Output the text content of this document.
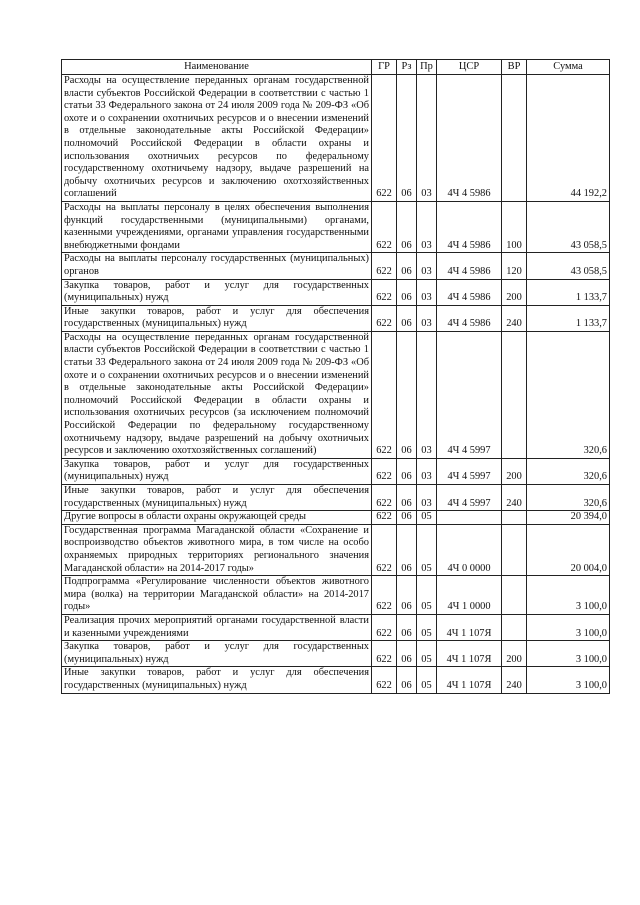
Наименование	ГР	Рз	Пр	ЦСР	ВР	Сумма
Расходы на осуществление переданных органам государственной власти субъектов Российской Федерации в соответствии с частью 1 статьи 33 Федерального закона от 24 июля 2009 года № 209-ФЗ «Об охоте и о сохранении охотничьих ресурсов и о внесении изменений в отдельные законодательные акты Российской Федерации» полномочий Российской Федерации в области охраны и использования охотничьих ресурсов по федеральному государственному охотничьему надзору, выдаче разрешений на добычу охотничьих ресурсов и заключению охотхозяйственных соглашений	622	06	03	4Ч 4 5986		44 192,2
Расходы на выплаты персоналу в целях обеспечения выполнения функций государственными (муниципальными) органами, казенными учреждениями, органами управления государственными внебюджетными фондами	622	06	03	4Ч 4 5986	100	43 058,5
Расходы на выплаты персоналу государственных (муниципальных) органов	622	06	03	4Ч 4 5986	120	43 058,5
Закупка товаров, работ и услуг для государственных (муниципальных) нужд	622	06	03	4Ч 4 5986	200	1 133,7
Иные закупки товаров, работ и услуг для обеспечения государственных (муниципальных) нужд	622	06	03	4Ч 4 5986	240	1 133,7
Расходы на осуществление переданных органам государственной власти субъектов Российской Федерации в соответствии с частью 1 статьи 33 Федерального закона от 24 июля 2009 года № 209-ФЗ «Об охоте и о сохранении охотничьих ресурсов и о внесении изменений в отдельные законодательные акты Российской Федерации» полномочий Российской Федерации в области охраны и использования охотничьих ресурсов (за исключением полномочий Российской Федерации по федеральному государственному охотничьему надзору, выдаче разрешений на добычу охотничьих ресурсов и заключению охотхозяйственных соглашений)	622	06	03	4Ч 4 5997		320,6
Закупка товаров, работ и услуг для государственных (муниципальных) нужд	622	06	03	4Ч 4 5997	200	320,6
Иные закупки товаров, работ и услуг для обеспечения государственных (муниципальных) нужд	622	06	03	4Ч 4 5997	240	320,6
Другие вопросы в области охраны окружающей среды	622	06	05			20 394,0
Государственная программа Магаданской области «Сохранение и воспроизводство объектов животного мира, в том числе на особо охраняемых природных территориях регионального значения Магаданской области» на 2014-2017 годы»	622	06	05	4Ч 0 0000		20 004,0
Подпрограмма «Регулирование численности объектов животного мира (волка) на территории Магаданской области» на 2014-2017 годы»	622	06	05	4Ч 1 0000		3 100,0
Реализация прочих мероприятий органами государственной власти и казенными учреждениями	622	06	05	4Ч 1 107Я		3 100,0
Закупка товаров, работ и услуг для государственных (муниципальных) нужд	622	06	05	4Ч 1 107Я	200	3 100,0
Иные закупки товаров, работ и услуг для обеспечения государственных (муниципальных) нужд	622	06	05	4Ч 1 107Я	240	3 100,0
